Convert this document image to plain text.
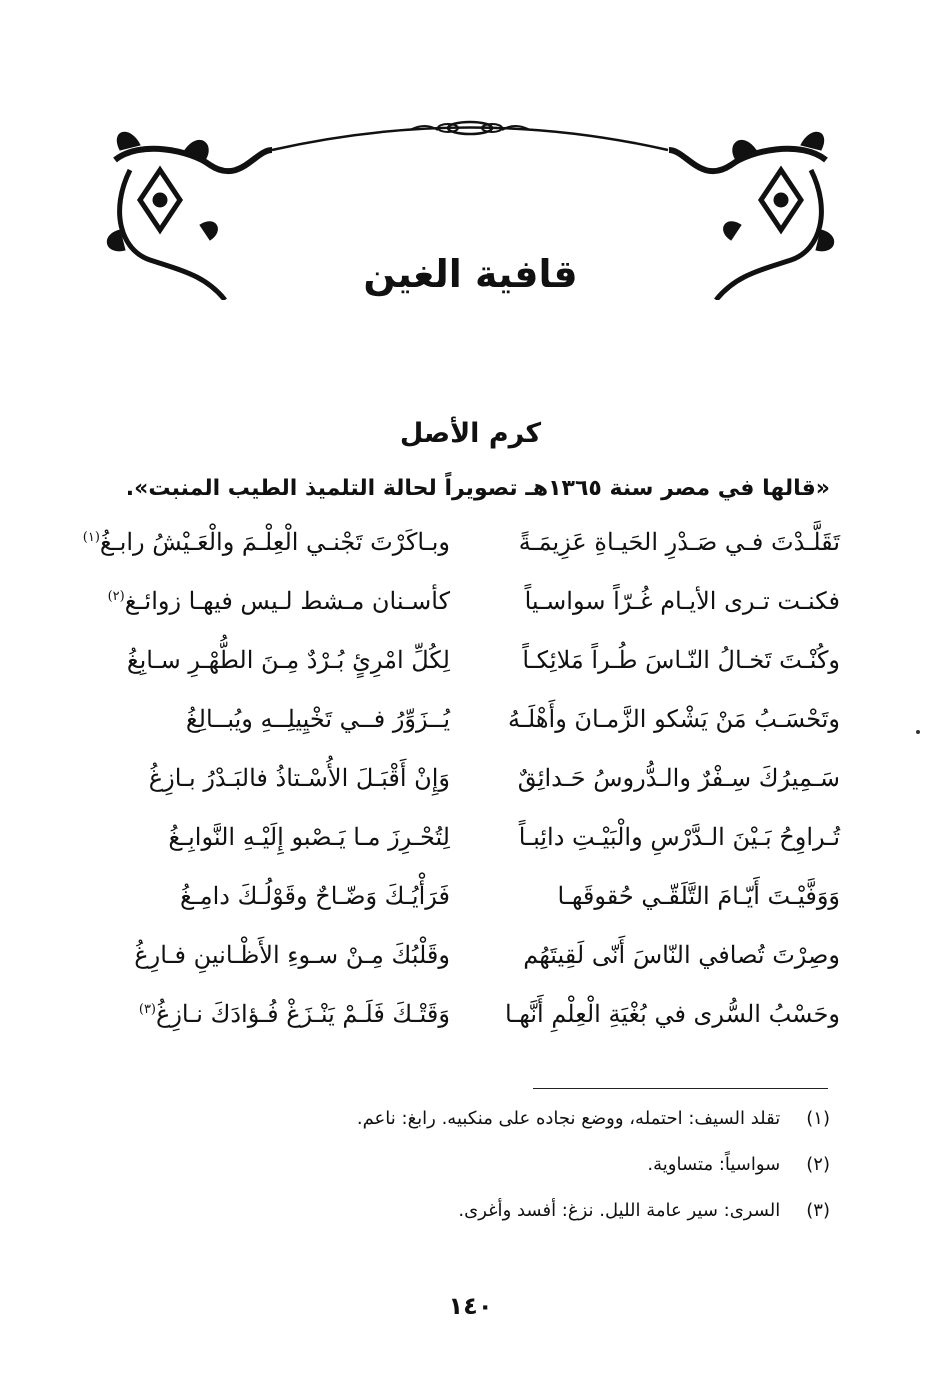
قافية الغين
كرم الأصل
«قالها في مصر سنة ١٣٦٥هـ تصويراً لحالة التلميذ الطيب المنبت».
تَقَلَّـدْتَ فـي صَـدْرِ الحَيـاةِ عَزِيمَـةً
وبـاكَرْتَ تَجْنـي الْعِلْـمَ والْعَـيْشُ رابـغُ$^{(١)}$
فكنـت تـرى الأيـام غُـرّاً سواسـياً
كأسـنان مـشط لـيس فيهـا زوائـغ$^{(٢)}$
وكُنْـتَ تَخـالُ النّـاسَ طُـراً مَلائِكـاً
لِكُلِّ امْرِئٍ بُـرْدٌ مِـنَ الطُّهْـرِ سـابِغُ
وتَحْسَـبُ مَنْ يَشْكو الزَّمـانَ وأَهْلَـهُ
يُــزَوِّرُ فــي تَخْيِيلِــهِ ويُبــالِغُ
سَـمِيرُكَ سِـفْرٌ والـدُّروسُ حَـدائِقٌ
وَإِنْ أَقْبَـلَ الأُسْـتاذُ فالبَـدْرُ بـازِغُ
تُـراوِحُ بَـيْنَ الـدَّرْسِ والْبَيْـتِ دائِبـاً
لِتُحْـرِزَ مـا يَـصْبو إِلَيْـهِ النَّوابِـغُ
وَوَفَّيْـتَ أَيّـامَ التَّلَقّـي حُقوقَهـا
فَرَأْيُـكَ وَضّـاحٌ وقَوْلُـكَ دامِـغُ
وصِرْتَ تُصافي النّاسَ أَنّى لَقِيتَهُم
وقَلْبُكَ مِـنْ سـوءِ الأَظْـانينِ فـارِغُ
وحَسْبُ السُّرى في بُغْيَةِ الْعِلْمِ أَنَّهـا
وَقَتْـكَ فَلَـمْ يَنْـزَغْ فُـؤادَكَ نـازِغُ$^{(٣)}$
(١) تقلد السيف: احتمله، ووضع نجاده على منكبيه. رابغ: ناعم.
(٢) سواسياً: متساوية.
(٣) السرى: سير عامة الليل. نزغ: أفسد وأغرى.
١٤٠
